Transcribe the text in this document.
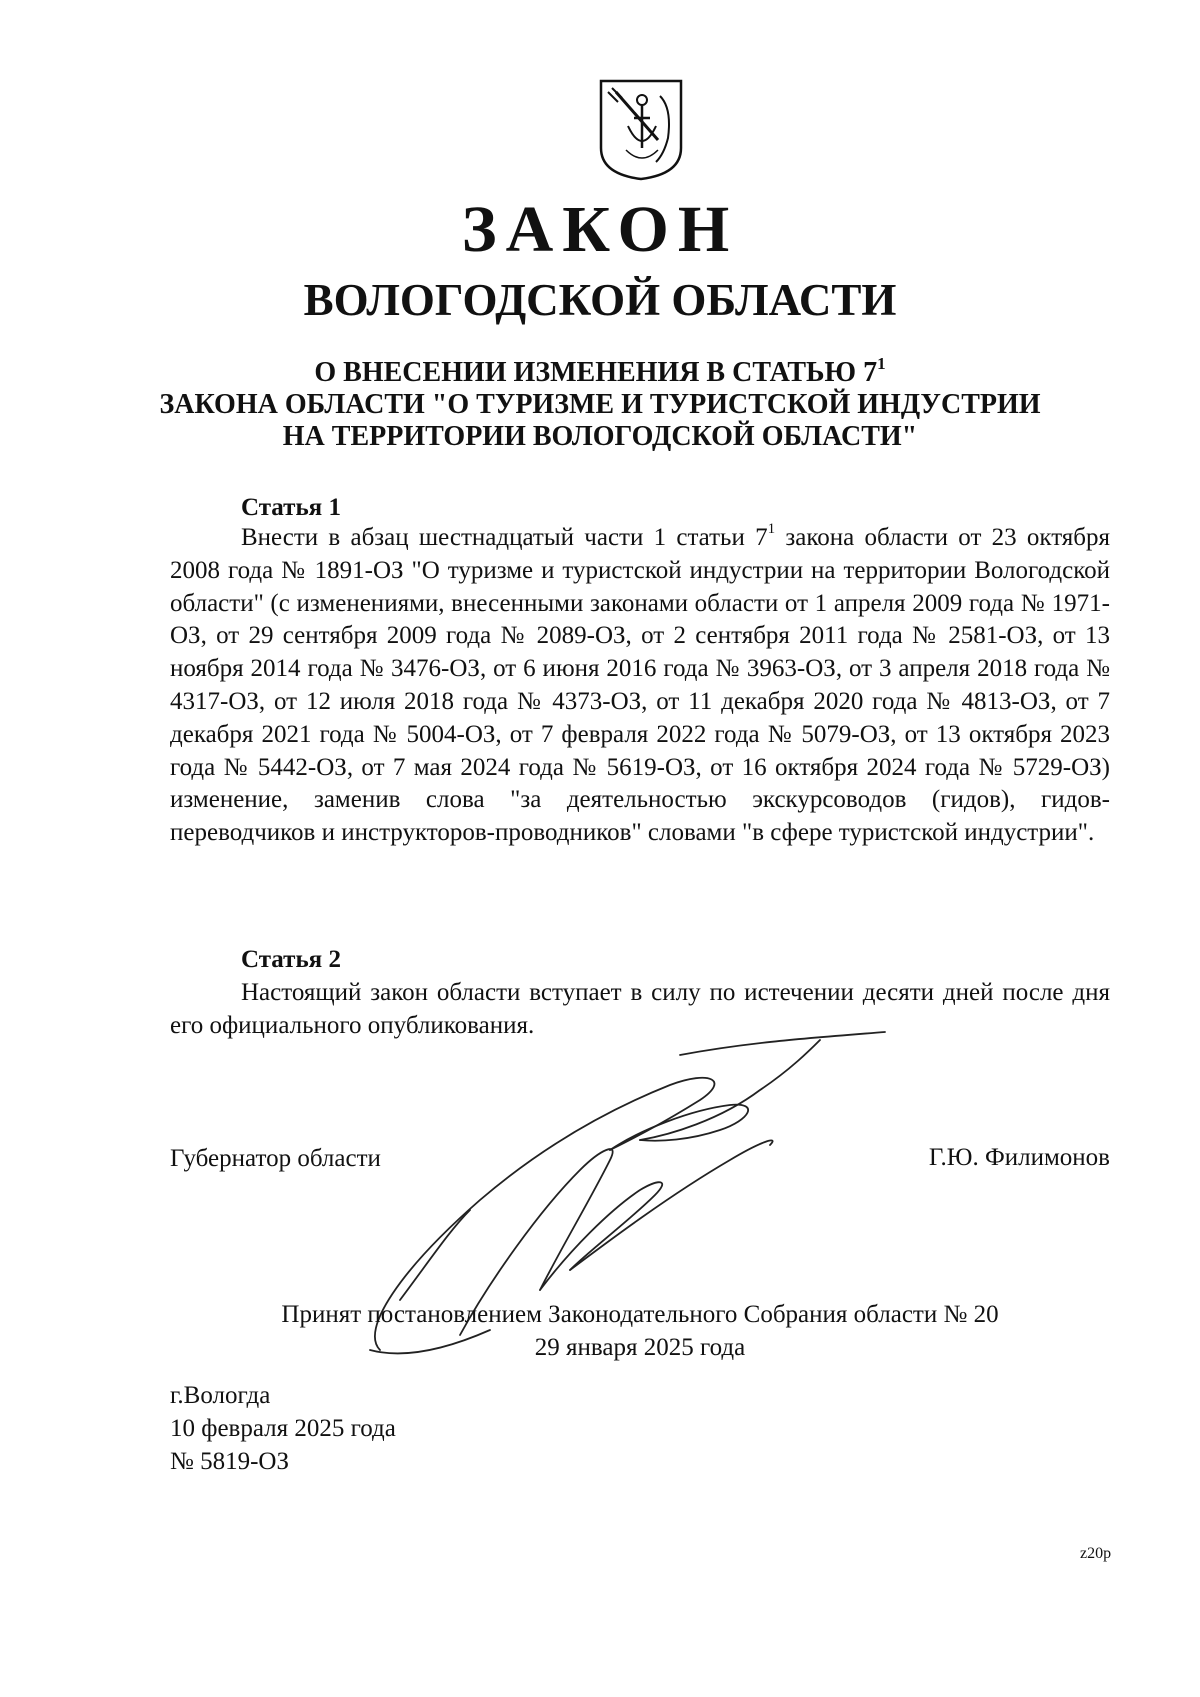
ЗАКОН
ВОЛОГОДСКОЙ ОБЛАСТИ
О ВНЕСЕНИИ ИЗМЕНЕНИЯ В СТАТЬЮ $7^1$
ЗАКОНА ОБЛАСТИ "О ТУРИЗМЕ И ТУРИСТСКОЙ ИНДУСТРИИ
НА ТЕРРИТОРИИ ВОЛОГОДСКОЙ ОБЛАСТИ"
Статья 1

Внести в абзац шестнадцатый части 1 статьи $7^1$ закона области от 23 октября 2008 года № 1891-ОЗ "О туризме и туристской индустрии на территории Вологодской области" (с изменениями, внесенными законами области от 1 апреля 2009 года № 1971-ОЗ, от 29 сентября 2009 года № 2089-ОЗ, от 2 сентября 2011 года № 2581-ОЗ, от 13 ноября 2014 года № 3476-ОЗ, от 6 июня 2016 года № 3963-ОЗ, от 3 апреля 2018 года № 4317-ОЗ, от 12 июля 2018 года № 4373-ОЗ, от 11 декабря 2020 года № 4813-ОЗ, от 7 декабря 2021 года № 5004-ОЗ, от 7 февраля 2022 года № 5079-ОЗ, от 13 октября 2023 года № 5442-ОЗ, от 7 мая 2024 года № 5619-ОЗ, от 16 октября 2024 года № 5729-ОЗ) изменение, заменив слова "за деятельностью экскурсоводов (гидов), гидов-переводчиков и инструкторов-проводников" словами "в сфере туристской индустрии".

Статья 2

Настоящий закон области вступает в силу по истечении десяти дней после дня его официального опубликования.

Губернатор области	Г.Ю. Филимонов
Принят постановлением Законодательного Собрания области № 20
29 января 2025 года
г.Вологда
10 февраля 2025 года
№ 5819-ОЗ
z20p
